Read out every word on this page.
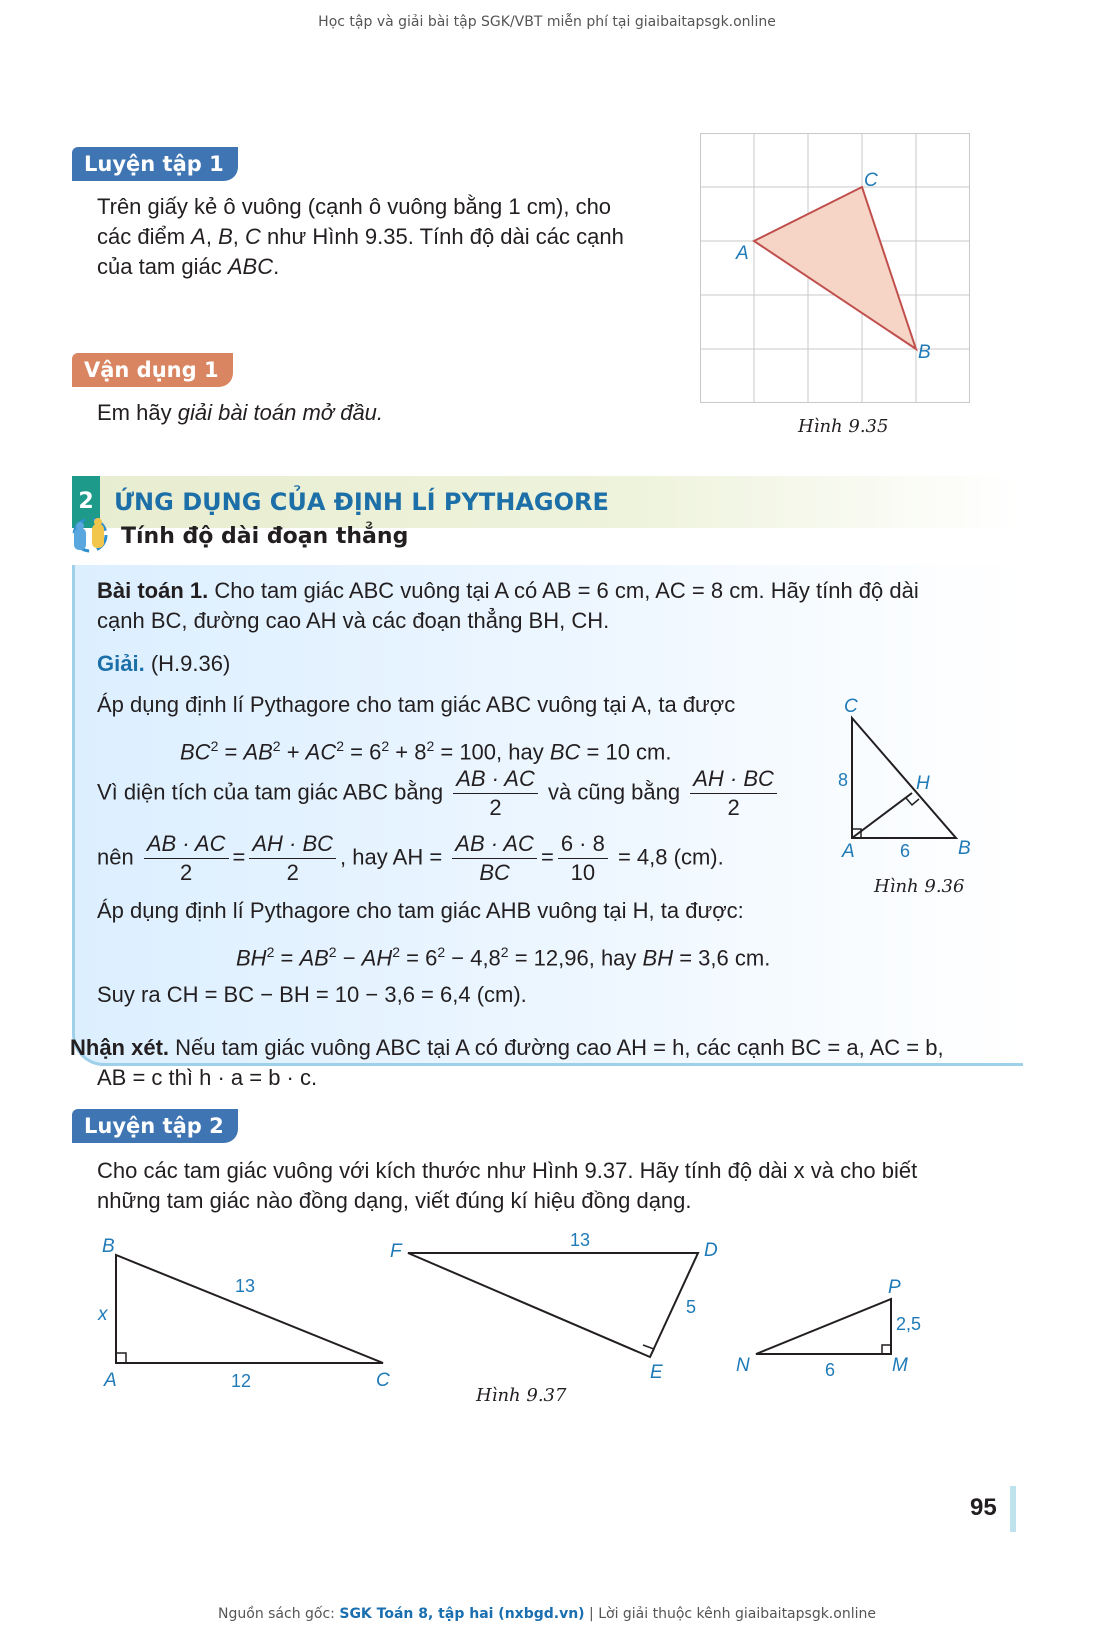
Học tập và giải bài tập SGK/VBT miễn phí tại giaibaitapsgk.online
Luyện tập 1
Trên giấy kẻ ô vuông (cạnh ô vuông bằng 1 cm), cho
các điểm A, B, C như Hình 9.35. Tính độ dài các cạnh
của tam giác ABC.
A
C
B
Hình 9.35
Vận dụng 1
Em hãy giải bài toán mở đầu.
2 ỨNG DỤNG CỦA ĐỊNH LÍ PYTHAGORE
Tính độ dài đoạn thẳng
Bài toán 1. Cho tam giác ABC vuông tại A có AB = 6 cm, AC = 8 cm. Hãy tính độ dài
cạnh BC, đường cao AH và các đoạn thẳng BH, CH.
Giải. (H.9.36)
Áp dụng định lí Pythagore cho tam giác ABC vuông tại A, ta được
$BC^2 = AB^2 + AC^2 = 6^2 + 8^2 = 100$, hay BC = 10 cm.
Vì diện tích của tam giác ABC bằng $\frac{AB \cdot AC}{2}$ và cũng bằng $\frac{AH \cdot BC}{2}$
nên $\frac{AB \cdot AC}{2} = \frac{AH \cdot BC}{2}$ , hay AH = $\frac{AB \cdot AC}{BC} = \frac{6 \cdot 8}{10} = 4,8$ (cm).
Áp dụng định lí Pythagore cho tam giác AHB vuông tại H, ta được:
$BH^2 = AB^2 - AH^2 = 6^2 - 4,8^2 = 12,96$, hay BH = 3,6 cm.
Suy ra CH = BC − BH = 10 − 3,6 = 6,4 (cm).
C
H
A	B
8
6
Hình 9.36
Nhận xét. Nếu tam giác vuông ABC tại A có đường cao AH = h, các cạnh BC = a, AC = b,
AB = c thì h · a = b · c.
Luyện tập 2
Cho các tam giác vuông với kích thước như Hình 9.37. Hãy tính độ dài x và cho biết
những tam giác nào đồng dạng, viết đúng kí hiệu đồng dạng.
B
A	C
x
13
12
F	D
E
13
5
P
N	M
2,5
6
Hình 9.37
95
Nguồn sách gốc: SGK Toán 8, tập hai (nxbgd.vn) | Lời giải thuộc kênh giaibaitapsgk.online
